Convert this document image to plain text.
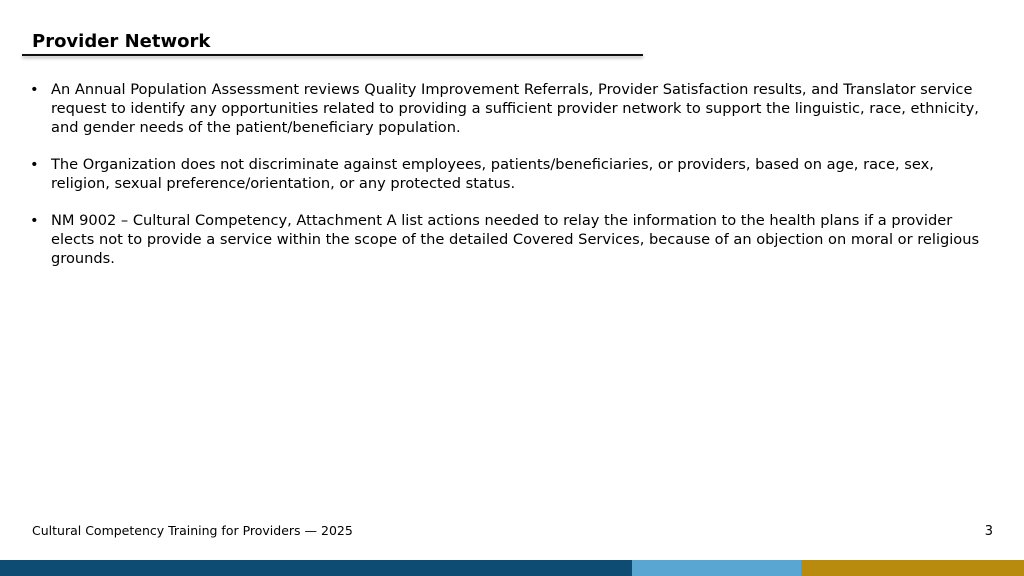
Provider Network
• An Annual Population Assessment reviews Quality Improvement Referrals, Provider Satisfaction results, and Translator service request to identify any opportunities related to providing a sufficient provider network to support the linguistic, race, ethnicity, and gender needs of the patient/beneficiary population.
• The Organization does not discriminate against employees, patients/beneficiaries, or providers, based on age, race, sex, religion, sexual preference/orientation, or any protected status.
• NM 9002 – Cultural Competency, Attachment A list actions needed to relay the information to the health plans if a provider elects not to provide a service within the scope of the detailed Covered Services, because of an objection on moral or religious grounds.
Cultural Competency Training for Providers — 2025	3
